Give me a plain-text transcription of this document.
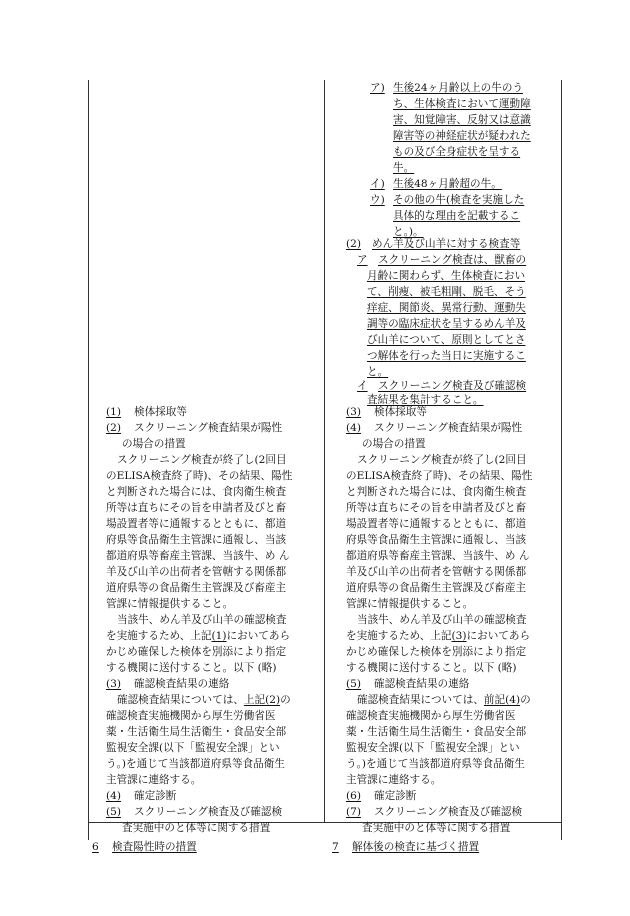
ア) 生後24ヶ月齢以上の牛のう
ち、生体検査において運動障
害、知覚障害、反射又は意識
障害等の神経症状が疑われた
もの及び全身症状を呈する
牛。
イ) 生後48ヶ月齢超の牛。
ウ) その他の牛(検査を実施した
具体的な理由を記載するこ
と。)。
(2) めん羊及び山羊に対する検査等
ア スクリーニング検査は、獣畜の
月齢に関わらず、生体検査におい
て、削痩、被毛粗剛、脱毛、そう
痒症、関節炎、異常行動、運動失
調等の臨床症状を呈するめん羊及
び山羊について、原則としてとさ
つ解体を行った当日に実施するこ
と。
イ スクリーニング検査及び確認検
査結果を集計すること。
(1) 検体採取等
(2) スクリーニング検査結果が陽性
の場合の措置
スクリーニング検査が終了し(2回目
のELISA検査終了時)、その結果、陽性
と判断された場合には、食肉衛生検査
所等は直ちにその旨を申請者及びと畜
場設置者等に通報するとともに、都道
府県等食品衛生主管課に通報し、当該
都道府県等畜産主管課、当該牛、め ん
羊及び山羊の出荷者を管轄する関係都
道府県等の食品衛生主管課及び畜産主
管課に情報提供すること。
当該牛、めん羊及び山羊の確認検査
を実施するため、上記(1)においてあら
かじめ確保した検体を別添により指定
する機関に送付すること。以下 (略)
(3) 確認検査結果の連絡
確認検査結果については、上記(2)の
確認検査実施機関から厚生労働省医
薬・生活衛生局生活衛生・食品安全部
監視安全課(以下「監視安全課」とい
う。)を通じて当該都道府県等食品衛生
主管課に連絡する。
(4) 確定診断
(5) スクリーニング検査及び確認検
査実施中のと体等に関する措置
6 検査陽性時の措置
(3) 検体採取等
(4) スクリーニング検査結果が陽性
の場合の措置
スクリーニング検査が終了し(2回目
のELISA検査終了時)、その結果、陽性
と判断された場合には、食肉衛生検査
所等は直ちにその旨を申請者及びと畜
場設置者等に通報するとともに、都道
府県等食品衛生主管課に通報し、当該
都道府県等畜産主管課、当該牛、め ん
羊及び山羊の出荷者を管轄する関係都
道府県等の食品衛生主管課及び畜産主
管課に情報提供すること。
当該牛、めん羊及び山羊の確認検査
を実施するため、上記(3)においてあら
かじめ確保した検体を別添により指定
する機関に送付すること。以下 (略)
(5) 確認検査結果の連絡
確認検査結果については、前記(4)の
確認検査実施機関から厚生労働省医
薬・生活衛生局生活衛生・食品安全部
監視安全課(以下「監視安全課」とい
う。)を通じて当該都道府県等食品衛生
主管課に連絡する。
(6) 確定診断
(7) スクリーニング検査及び確認検
査実施中のと体等に関する措置
7 解体後の検査に基づく措置
